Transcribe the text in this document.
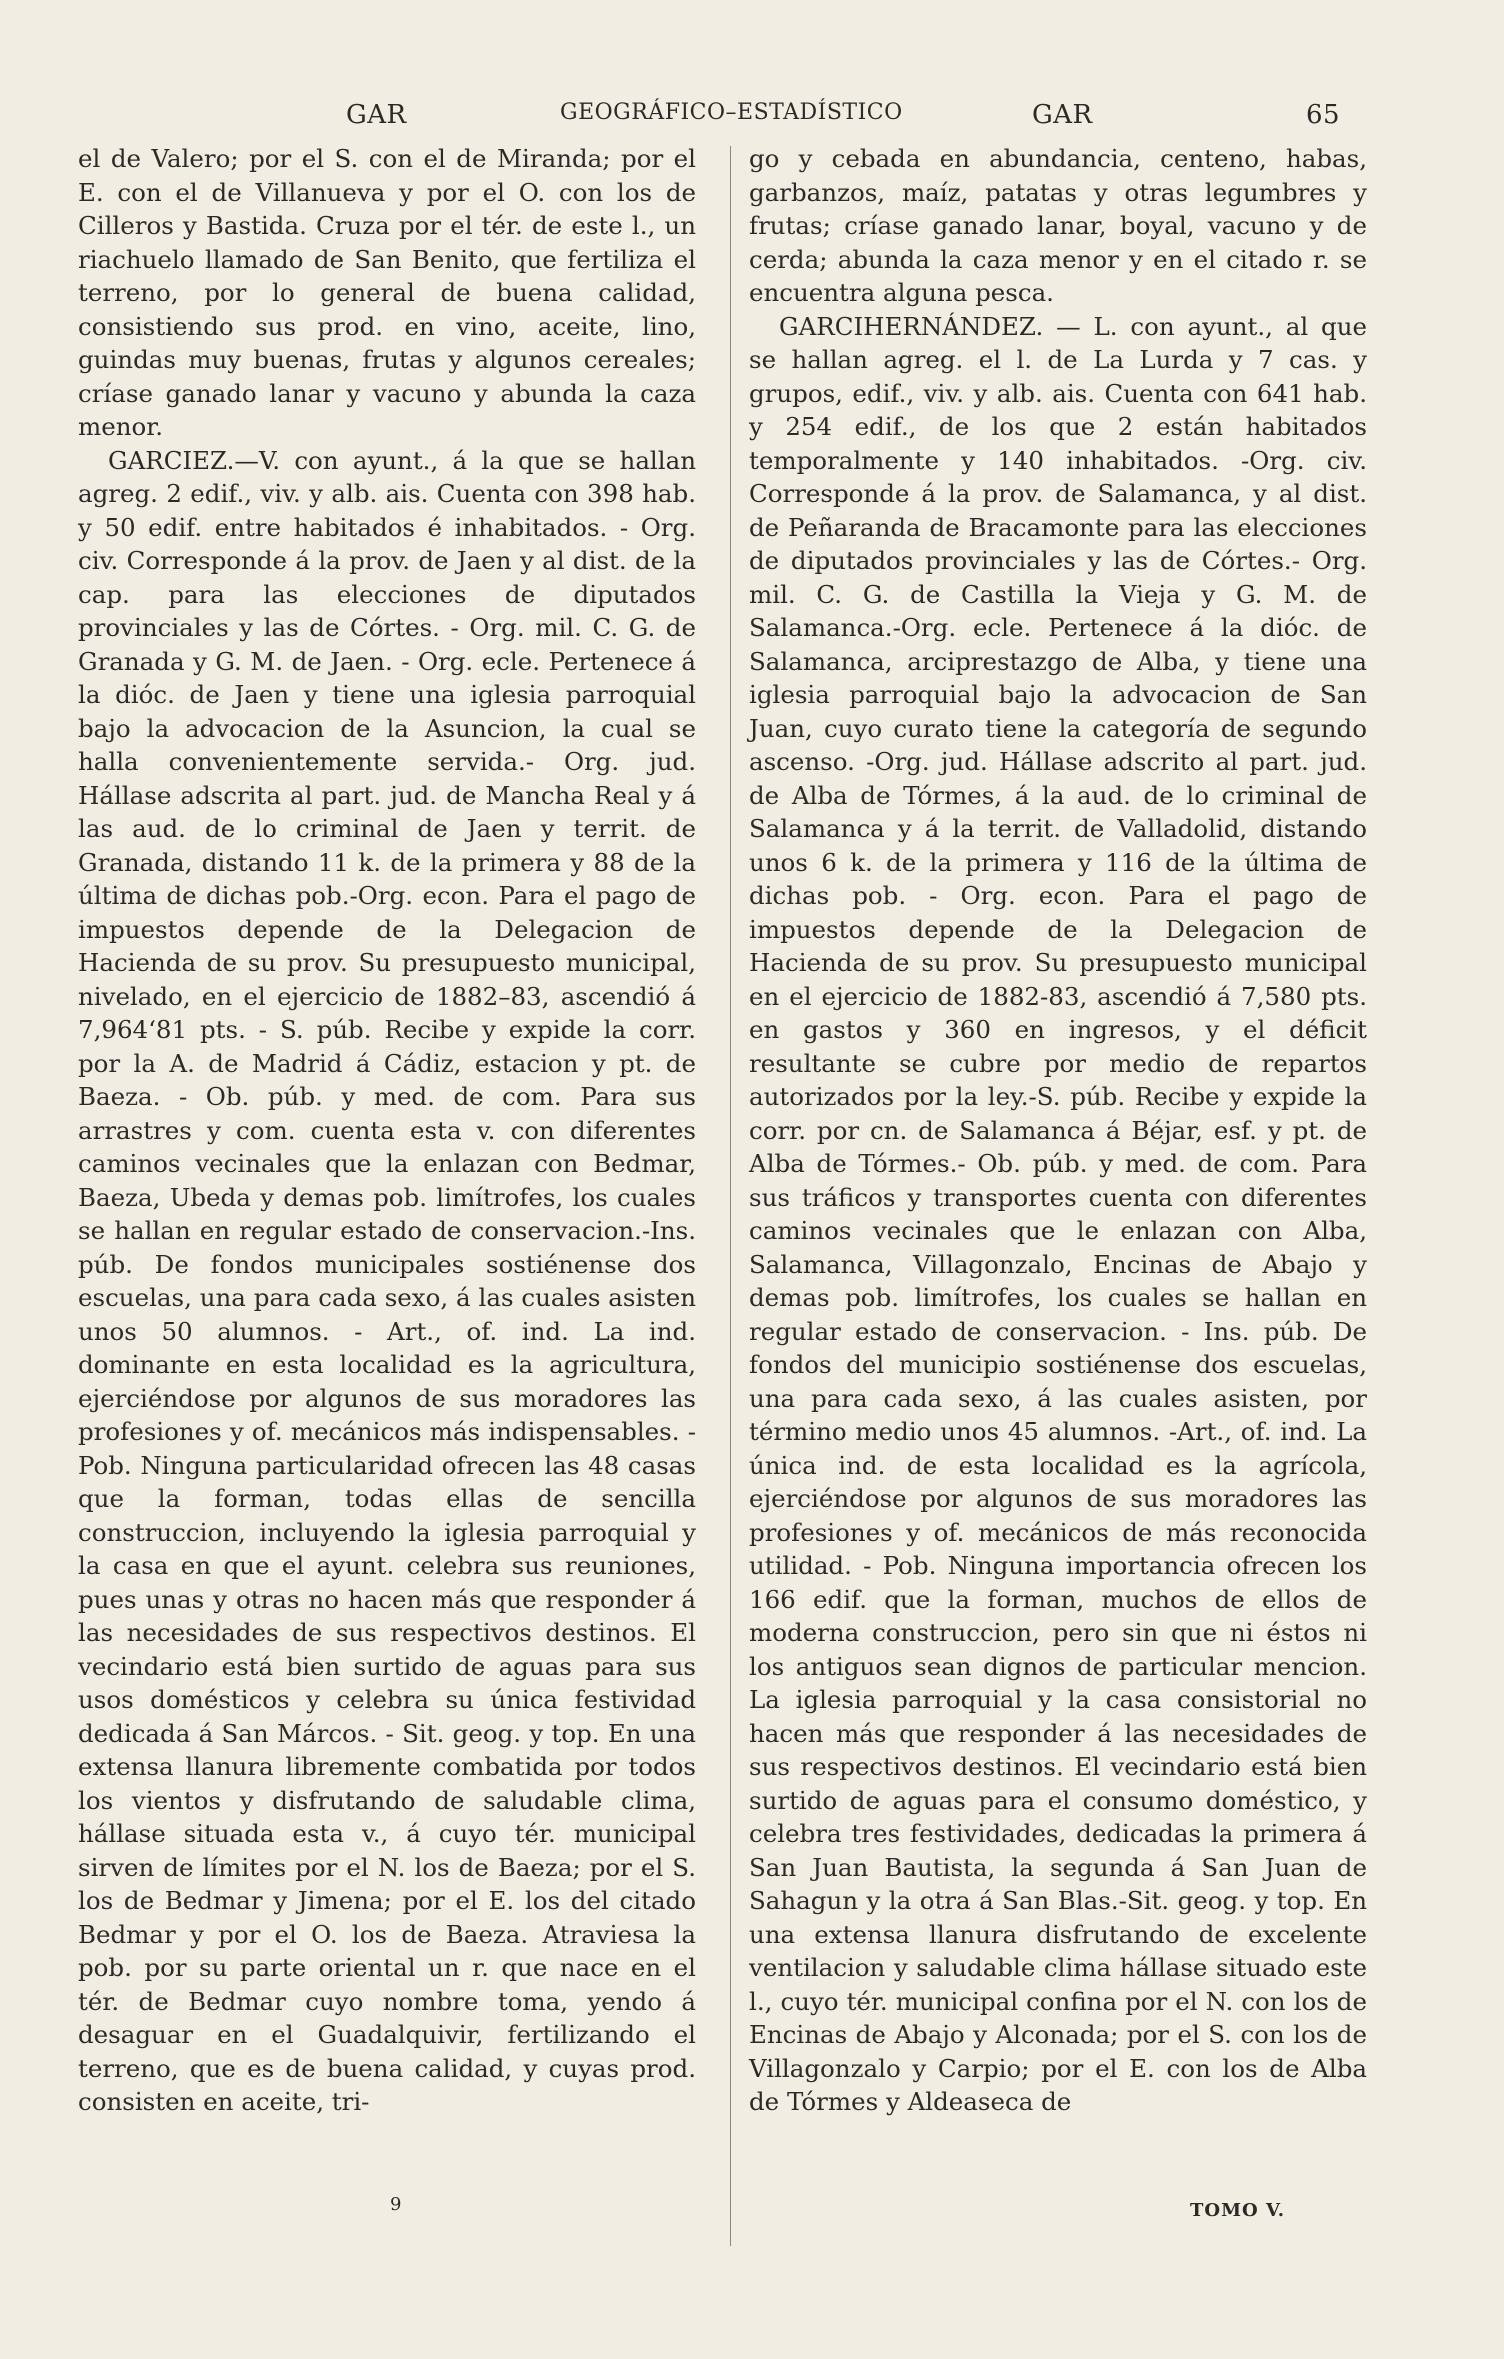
GAR	GEOGRÁFICO–ESTADÍSTICO	GAR	65

el de Valero; por el S. con el de Miranda; por el E. con el de Villanueva y por el O. con los de Cilleros y Bastida. Cruza por el tér. de este l., un riachuelo llamado de San Benito, que fertiliza el terreno, por lo general de buena calidad, consistiendo sus prod. en vino, aceite, lino, guindas muy buenas, frutas y algunos cereales; críase ganado lanar y vacuno y abunda la caza menor.

GARCIEZ.—V. con ayunt., á la que se hallan agreg. 2 edif., viv. y alb. ais. Cuenta con 398 hab. y 50 edif. entre habitados é inhabitados. - Org. civ. Corresponde á la prov. de Jaen y al dist. de la cap. para las elecciones de diputados provinciales y las de Córtes. - Org. mil. C. G. de Granada y G. M. de Jaen. - Org. ecle. Pertenece á la dióc. de Jaen y tiene una iglesia parroquial bajo la advocacion de la Asuncion, la cual se halla convenientemente servida.- Org. jud. Hállase adscrita al part. jud. de Mancha Real y á las aud. de lo criminal de Jaen y territ. de Granada, distando 11 k. de la primera y 88 de la última de dichas pob.-Org. econ. Para el pago de impuestos depende de la Delegacion de Hacienda de su prov. Su presupuesto municipal, nivelado, en el ejercicio de 1882–83, ascendió á 7,964‘81 pts. - S. púb. Recibe y expide la corr. por la A. de Madrid á Cádiz, estacion y pt. de Baeza. - Ob. púb. y med. de com. Para sus arrastres y com. cuenta esta v. con diferentes caminos vecinales que la enlazan con Bedmar, Baeza, Ubeda y demas pob. limítrofes, los cuales se hallan en regular estado de conservacion.-Ins. púb. De fondos municipales sostiénense dos escuelas, una para cada sexo, á las cuales asisten unos 50 alumnos. - Art., of. ind. La ind. dominante en esta localidad es la agricultura, ejerciéndose por algunos de sus moradores las profesiones y of. mecánicos más indispensables. - Pob. Ninguna particularidad ofrecen las 48 casas que la forman, todas ellas de sencilla construccion, incluyendo la iglesia parroquial y la casa en que el ayunt. celebra sus reuniones, pues unas y otras no hacen más que responder á las necesidades de sus respectivos destinos. El vecindario está bien surtido de aguas para sus usos domésticos y celebra su única festividad dedicada á San Márcos. - Sit. geog. y top. En una extensa llanura libremente combatida por todos los vientos y disfrutando de saludable clima, hállase situada esta v., á cuyo tér. municipal sirven de límites por el N. los de Baeza; por el S. los de Bedmar y Jimena; por el E. los del citado Bedmar y por el O. los de Baeza. Atraviesa la pob. por su parte oriental un r. que nace en el tér. de Bedmar cuyo nombre toma, yendo á desaguar en el Guadalquivir, fertilizando el terreno, que es de buena calidad, y cuyas prod. consisten en aceite, tri-

go y cebada en abundancia, centeno, habas, garbanzos, maíz, patatas y otras legumbres y frutas; críase ganado lanar, boyal, vacuno y de cerda; abunda la caza menor y en el citado r. se encuentra alguna pesca.

GARCIHERNÁNDEZ. — L. con ayunt., al que se hallan agreg. el l. de La Lurda y 7 cas. y grupos, edif., viv. y alb. ais. Cuenta con 641 hab. y 254 edif., de los que 2 están habitados temporalmente y 140 inhabitados. -Org. civ. Corresponde á la prov. de Salamanca, y al dist. de Peñaranda de Bracamonte para las elecciones de diputados provinciales y las de Córtes.- Org. mil. C. G. de Castilla la Vieja y G. M. de Salamanca.-Org. ecle. Pertenece á la dióc. de Salamanca, arciprestazgo de Alba, y tiene una iglesia parroquial bajo la advocacion de San Juan, cuyo curato tiene la categoría de segundo ascenso. -Org. jud. Hállase adscrito al part. jud. de Alba de Tórmes, á la aud. de lo criminal de Salamanca y á la territ. de Valladolid, distando unos 6 k. de la primera y 116 de la última de dichas pob. - Org. econ. Para el pago de impuestos depende de la Delegacion de Hacienda de su prov. Su presupuesto municipal en el ejercicio de 1882-83, ascendió á 7,580 pts. en gastos y 360 en ingresos, y el déficit resultante se cubre por medio de repartos autorizados por la ley.-S. púb. Recibe y expide la corr. por cn. de Salamanca á Béjar, esf. y pt. de Alba de Tórmes.- Ob. púb. y med. de com. Para sus tráficos y transportes cuenta con diferentes caminos vecinales que le enlazan con Alba, Salamanca, Villagonzalo, Encinas de Abajo y demas pob. limítrofes, los cuales se hallan en regular estado de conservacion. - Ins. púb. De fondos del municipio sostiénense dos escuelas, una para cada sexo, á las cuales asisten, por término medio unos 45 alumnos. -Art., of. ind. La única ind. de esta localidad es la agrícola, ejerciéndose por algunos de sus moradores las profesiones y of. mecánicos de más reconocida utilidad. - Pob. Ninguna importancia ofrecen los 166 edif. que la forman, muchos de ellos de moderna construccion, pero sin que ni éstos ni los antiguos sean dignos de particular mencion. La iglesia parroquial y la casa consistorial no hacen más que responder á las necesidades de sus respectivos destinos. El vecindario está bien surtido de aguas para el consumo doméstico, y celebra tres festividades, dedicadas la primera á San Juan Bautista, la segunda á San Juan de Sahagun y la otra á San Blas.-Sit. geog. y top. En una extensa llanura disfrutando de excelente ventilacion y saludable clima hállase situado este l., cuyo tér. municipal confina por el N. con los de Encinas de Abajo y Alconada; por el S. con los de Villagonzalo y Carpio; por el E. con los de Alba de Tórmes y Aldeaseca de

9	TOMO V.
